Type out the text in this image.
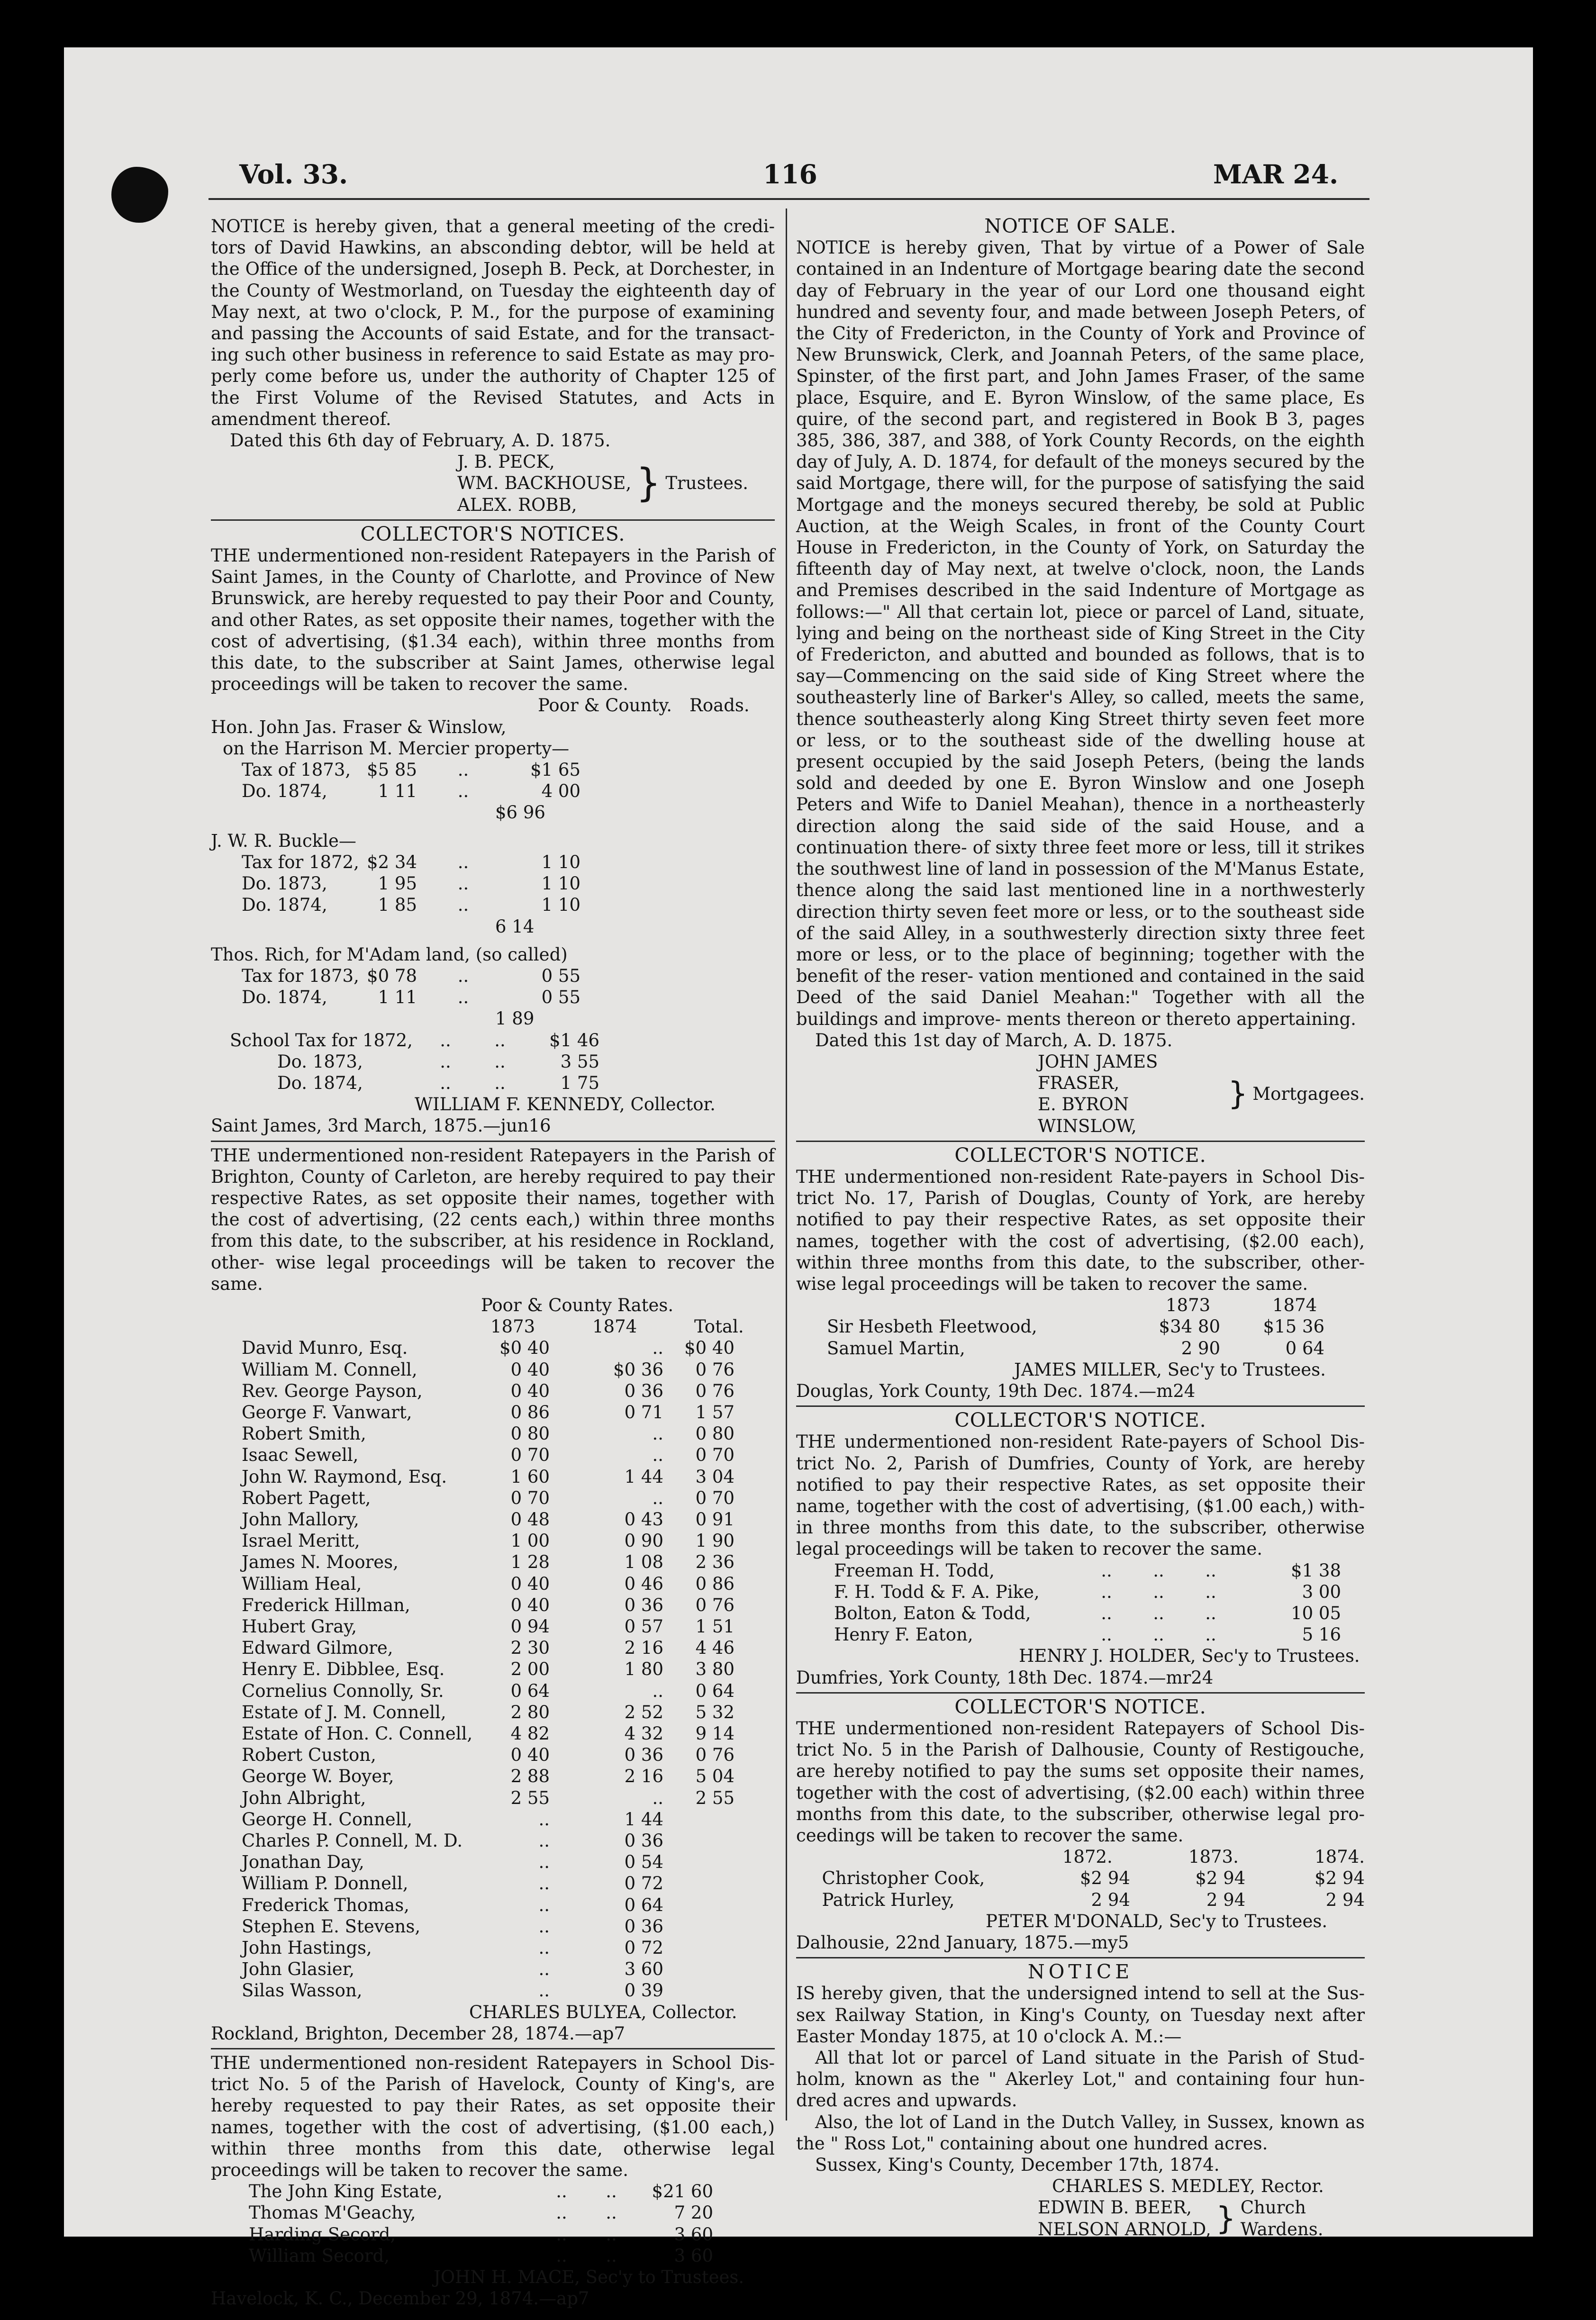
Vol. 33.	116	MAR 24.

NOTICE is hereby given, that a general meeting of the credi- tors of David Hawkins, an absconding debtor, will be held at the Office of the undersigned, Joseph B. Peck, at Dorchester, in the County of Westmorland, on Tuesday the eighteenth day of May next, at two o'clock, P. M., for the purpose of examining and passing the Accounts of said Estate, and for the transact- ing such other business in reference to said Estate as may pro- perly come before us, under the authority of Chapter 125 of the First Volume of the Revised Statutes, and Acts in amendment thereof.

Dated this 6th day of February, A. D. 1875.

J. B. PECK,
WM. BACKHOUSE,
ALEX. ROBB,	} Trustees.

COLLECTOR'S NOTICES.

THE undermentioned non-resident Ratepayers in the Parish of Saint James, in the County of Charlotte, and Province of New Brunswick, are hereby requested to pay their Poor and County, and other Rates, as set opposite their names, together with the cost of advertising, ($1.34 each), within three months from this date, to the subscriber at Saint James, otherwise legal proceedings will be taken to recover the same.

Poor & County.	Roads.
Hon. John Jas. Fraser & Winslow,
on the Harrison M. Mercier property—
Tax of 1873, $5 85	..	$1 65
Do. 1874,	1 11	..	4 00
$6 96
J. W. R. Buckle—
Tax for 1872, $2 34	..	1 10
Do. 1873,	1 95	..	1 10
Do. 1874,	1 85	..	1 10
6 14
Thos. Rich, for M'Adam land, (so called)
Tax for 1873, $0 78	..	0 55
Do. 1874,	1 11	..	0 55
1 89
School Tax for 1872,	..	..	$1 46
Do. 1873,	..	..	3 55
Do. 1874,	..	..	1 75

WILLIAM F. KENNEDY, Collector.

Saint James, 3rd March, 1875.—jun16

THE undermentioned non-resident Ratepayers in the Parish of Brighton, County of Carleton, are hereby required to pay their respective Rates, as set opposite their names, together with the cost of advertising, (22 cents each,) within three months from this date, to the subscriber, at his residence in Rockland, other- wise legal proceedings will be taken to recover the same.

Poor & County Rates.
1873	1874	Total.
David Munro, Esq.	$0 40	..	$0 40
William M. Connell,	0 40	$0 36	0 76
Rev. George Payson,	0 40	0 36	0 76
George F. Vanwart,	0 86	0 71	1 57
Robert Smith,	0 80	..	0 80
Isaac Sewell,	0 70	..	0 70
John W. Raymond, Esq.	1 60	1 44	3 04
Robert Pagett,	0 70	..	0 70
John Mallory,	0 48	0 43	0 91
Israel Meritt,	1 00	0 90	1 90
James N. Moores,	1 28	1 08	2 36
William Heal,	0 40	0 46	0 86
Frederick Hillman,	0 40	0 36	0 76
Hubert Gray,	0 94	0 57	1 51
Edward Gilmore,	2 30	2 16	4 46
Henry E. Dibblee, Esq.	2 00	1 80	3 80
Cornelius Connolly, Sr.	0 64	..	0 64
Estate of J. M. Connell,	2 80	2 52	5 32
Estate of Hon. C. Connell,	4 82	4 32	9 14
Robert Custon,	0 40	0 36	0 76
George W. Boyer,	2 88	2 16	5 04
John Albright,	2 55	..	2 55
George H. Connell,	..	1 44
Charles P. Connell, M. D.	..	0 36
Jonathan Day,	..	0 54
William P. Donnell,	..	0 72
Frederick Thomas,	..	0 64
Stephen E. Stevens,	..	0 36
John Hastings,	..	0 72
John Glasier,	..	3 60
Silas Wasson,	..	0 39

CHARLES BULYEA, Collector.

Rockland, Brighton, December 28, 1874.—ap7

THE undermentioned non-resident Ratepayers in School Dis- trict No. 5 of the Parish of Havelock, County of King's, are hereby requested to pay their Rates, as set opposite their names, together with the cost of advertising, ($1.00 each,) within three months from this date, otherwise legal proceedings will be taken to recover the same.

The John King Estate,	..	..	$21 60
Thomas M'Geachy,	..	..	7 20
Harding Secord,	..	..	3 60
William Secord,	..	..	3 60

JOHN H. MACE, Sec'y to Trustees.

Havelock, K. C., December 29, 1874.—ap7

NOTICE OF SALE.

NOTICE is hereby given, That by virtue of a Power of Sale contained in an Indenture of Mortgage bearing date the second day of February in the year of our Lord one thousand eight hundred and seventy four, and made between Joseph Peters, of the City of Fredericton, in the County of York and Province of New Brunswick, Clerk, and Joannah Peters, of the same place, Spinster, of the first part, and John James Fraser, of the same place, Esquire, and E. Byron Winslow, of the same place, Es quire, of the second part, and registered in Book B 3, pages 385, 386, 387, and 388, of York County Records, on the eighth day of July, A. D. 1874, for default of the moneys secured by the said Mortgage, there will, for the purpose of satisfying the said Mortgage and the moneys secured thereby, be sold at Public Auction, at the Weigh Scales, in front of the County Court House in Fredericton, in the County of York, on Saturday the fifteenth day of May next, at twelve o'clock, noon, the Lands and Premises described in the said Indenture of Mortgage as follows:—" All that certain lot, piece or parcel of Land, situate, lying and being on the northeast side of King Street in the City of Fredericton, and abutted and bounded as follows, that is to say—Commencing on the said side of King Street where the southeasterly line of Barker's Alley, so called, meets the same, thence southeasterly along King Street thirty seven feet more or less, or to the southeast side of the dwelling house at present occupied by the said Joseph Peters, (being the lands sold and deeded by one E. Byron Winslow and one Joseph Peters and Wife to Daniel Meahan), thence in a northeasterly direction along the said side of the said House, and a continuation there- of sixty three feet more or less, till it strikes the southwest line of land in possession of the M'Manus Estate, thence along the said last mentioned line in a northwesterly direction thirty seven feet more or less, or to the southeast side of the said Alley, in a southwesterly direction sixty three feet more or less, or to the place of beginning; together with the benefit of the reser- vation mentioned and contained in the said Deed of the said Daniel Meahan:" Together with all the buildings and improve- ments thereon or thereto appertaining.

Dated this 1st day of March, A. D. 1875.

JOHN JAMES FRASER,
E. BYRON WINSLOW,
} Mortgagees.

COLLECTOR'S NOTICE.

THE undermentioned non-resident Rate-payers in School Dis- trict No. 17, Parish of Douglas, County of York, are hereby notified to pay their respective Rates, as set opposite their names, together with the cost of advertising, ($2.00 each), within three months from this date, to the subscriber, other- wise legal proceedings will be taken to recover the same.

1873	1874
Sir Hesbeth Fleetwood,	$34 80	$15 36
Samuel Martin,	2 90	0 64

JAMES MILLER, Sec'y to Trustees.

Douglas, York County, 19th Dec. 1874.—m24

COLLECTOR'S NOTICE.

THE undermentioned non-resident Rate-payers of School Dis- trict No. 2, Parish of Dumfries, County of York, are hereby notified to pay their respective Rates, as set opposite their name, together with the cost of advertising, ($1.00 each,) with- in three months from this date, to the subscriber, otherwise legal proceedings will be taken to recover the same.

Freeman H. Todd,	..	..	..	$1 38
F. H. Todd & F. A. Pike,	..	..	..	3 00
Bolton, Eaton & Todd,	..	..	..	10 05
Henry F. Eaton,	..	..	..	5 16

HENRY J. HOLDER, Sec'y to Trustees.

Dumfries, York County, 18th Dec. 1874.—mr24

COLLECTOR'S NOTICE.

THE undermentioned non-resident Ratepayers of School Dis- trict No. 5 in the Parish of Dalhousie, County of Restigouche, are hereby notified to pay the sums set opposite their names, together with the cost of advertising, ($2.00 each) within three months from this date, to the subscriber, otherwise legal pro- ceedings will be taken to recover the same.

1872.	1873.	1874.
Christopher Cook,	$2 94	$2 94	$2 94
Patrick Hurley,	2 94	2 94	2 94

PETER M'DONALD, Sec'y to Trustees.

Dalhousie, 22nd January, 1875.—my5

NOTICE

IS hereby given, that the undersigned intend to sell at the Sus- sex Railway Station, in King's County, on Tuesday next after Easter Monday 1875, at 10 o'clock A. M.:—

All that lot or parcel of Land situate in the Parish of Stud- holm, known as the " Akerley Lot," and containing four hun- dred acres and upwards.

Also, the lot of Land in the Dutch Valley, in Sussex, known as the " Ross Lot," containing about one hundred acres.

Sussex, King's County, December 17th, 1874.

CHARLES S. MEDLEY, Rector.

EDWIN B. BEER,
NELSON ARNOLD, } Church
Wardens.
